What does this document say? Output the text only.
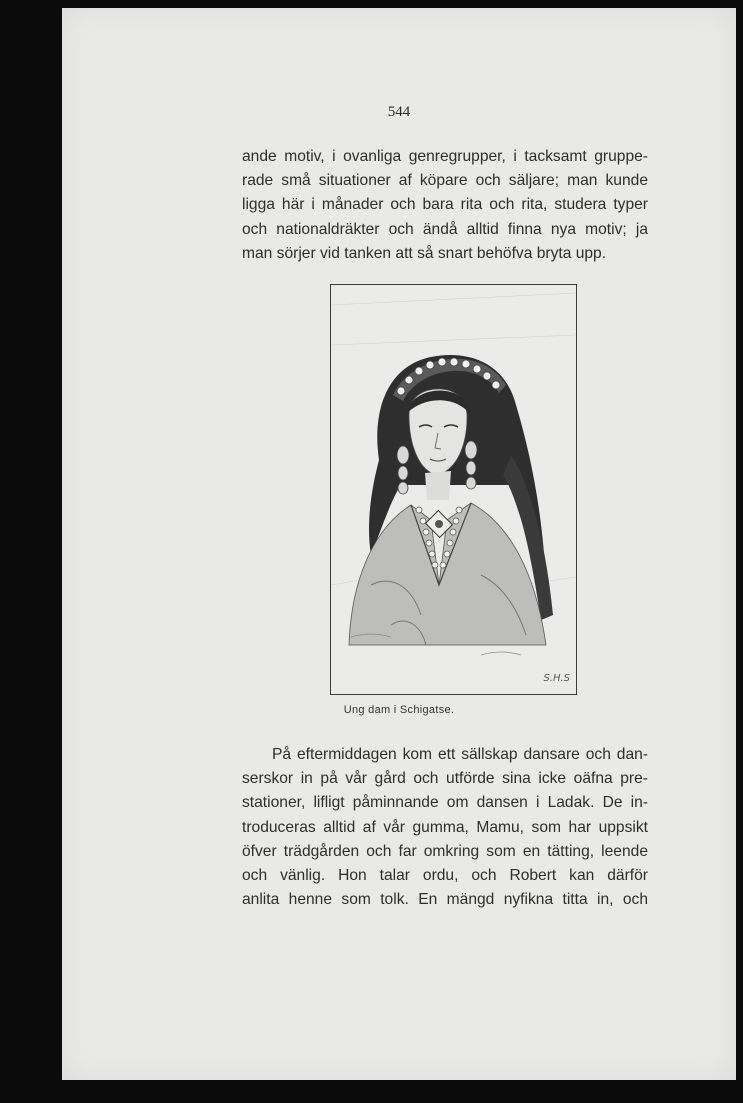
544
ande motiv, i ovanliga genregrupper, i tacksamt gruppe-
rade små situationer af köpare och säljare; man kunde
ligga här i månader och bara rita och rita, studera typer
och nationaldräkter och ändå alltid finna nya motiv; ja
man sörjer vid tanken att så snart behöfva bryta upp.
S.H.S
Ung dam i Schigatse.
På eftermiddagen kom ett sällskap dansare och dan-
serskor in på vår gård och utförde sina icke oäfna pre-
stationer, lifligt påminnande om dansen i Ladak. De in-
troduceras alltid af vår gumma, Mamu, som har uppsikt
öfver trädgården och far omkring som en tätting, leende
och vänlig. Hon talar ordu, och Robert kan därför
anlita henne som tolk. En mängd nyfikna titta in, och
